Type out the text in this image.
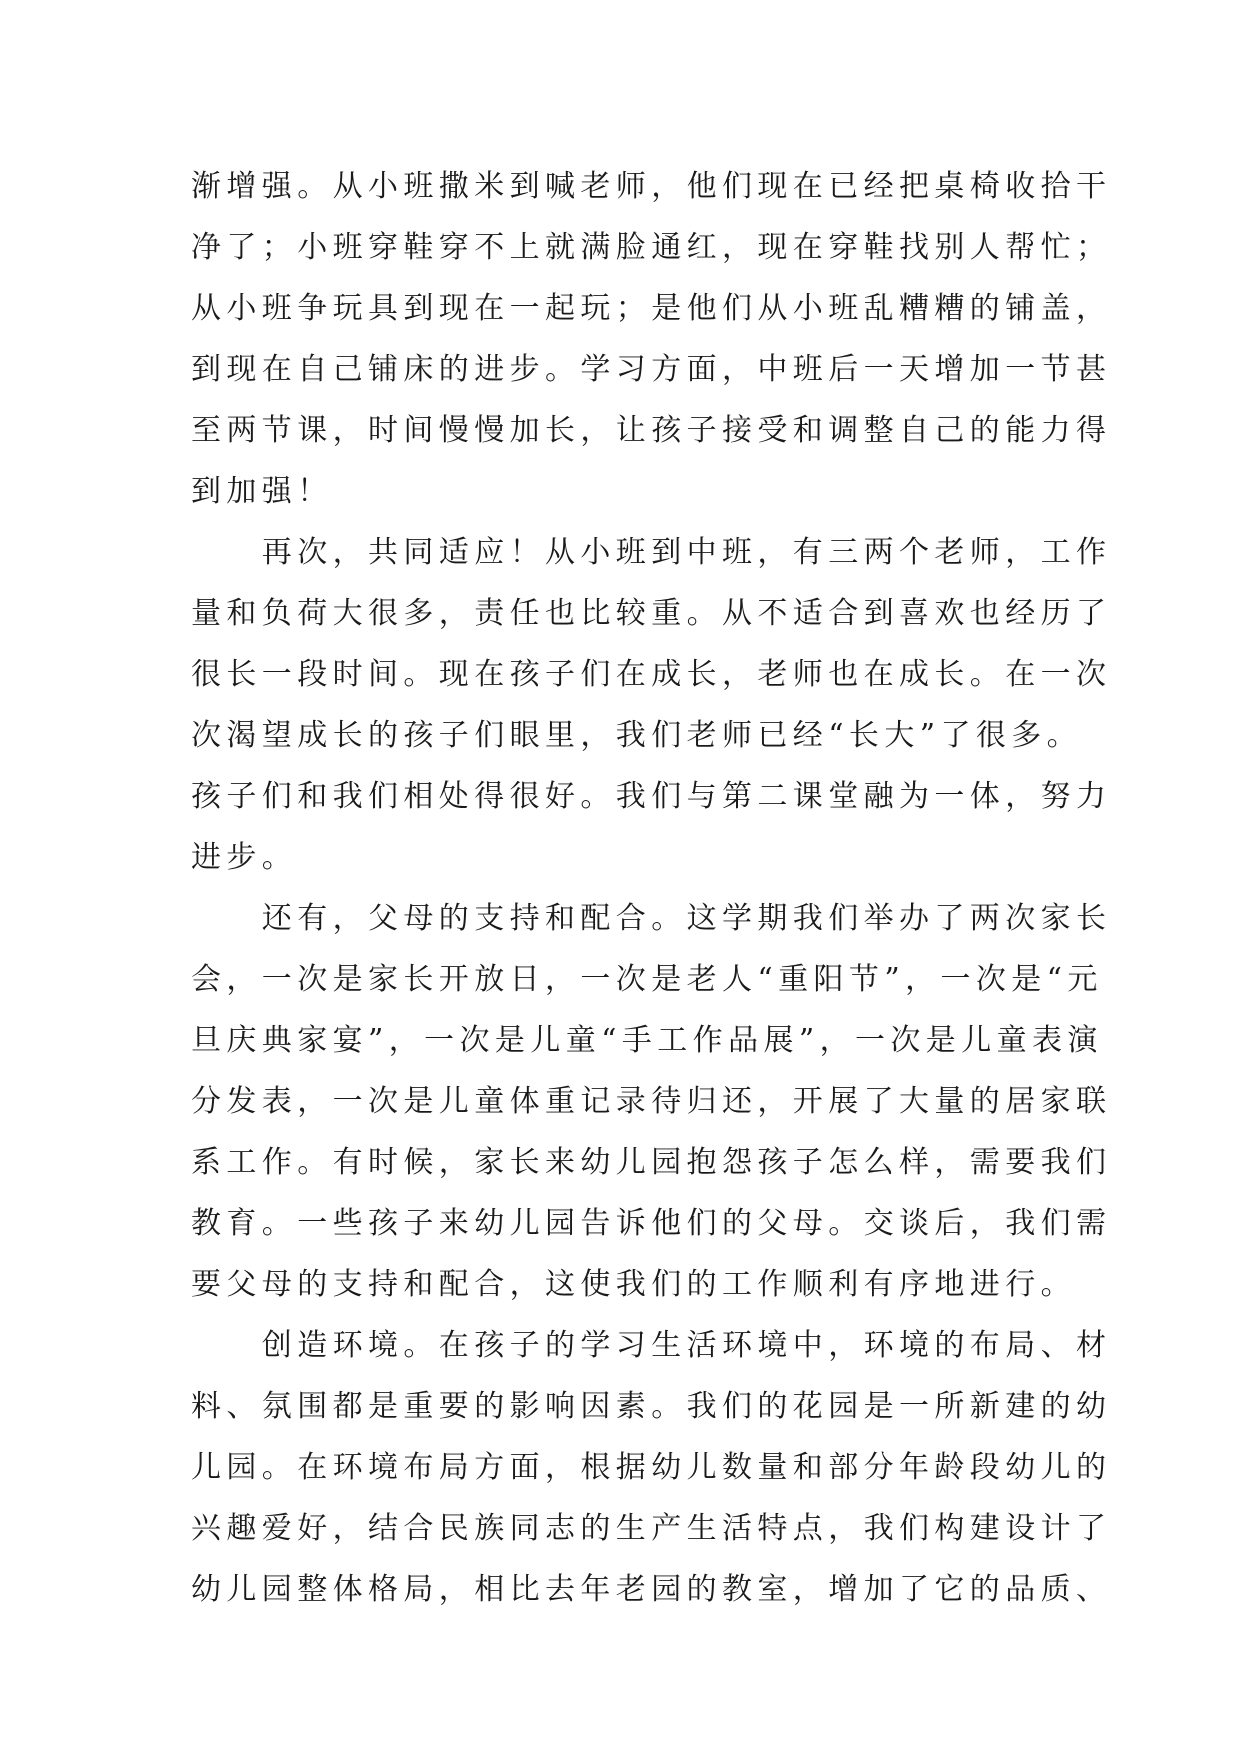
渐增强。从小班撒米到喊老师，他们现在已经把桌椅收拾干
净了；小班穿鞋穿不上就满脸通红，现在穿鞋找别人帮忙；
从小班争玩具到现在一起玩；是他们从小班乱糟糟的铺盖，
到现在自己铺床的进步。学习方面，中班后一天增加一节甚
至两节课，时间慢慢加长，让孩子接受和调整自己的能力得
到加强！
　　再次，共同适应！从小班到中班，有三两个老师，工作
量和负荷大很多，责任也比较重。从不适合到喜欢也经历了
很长一段时间。现在孩子们在成长，老师也在成长。在一次
次渴望成长的孩子们眼里，我们老师已经“长大”了很多。
孩子们和我们相处得很好。我们与第二课堂融为一体，努力
进步。
　　还有，父母的支持和配合。这学期我们举办了两次家长
会，一次是家长开放日，一次是老人“重阳节”，一次是“元
旦庆典家宴”，一次是儿童“手工作品展”，一次是儿童表演
分发表，一次是儿童体重记录待归还，开展了大量的居家联
系工作。有时候，家长来幼儿园抱怨孩子怎么样，需要我们
教育。一些孩子来幼儿园告诉他们的父母。交谈后，我们需
要父母的支持和配合，这使我们的工作顺利有序地进行。
　　创造环境。在孩子的学习生活环境中，环境的布局、材
料、氛围都是重要的影响因素。我们的花园是一所新建的幼
儿园。在环境布局方面，根据幼儿数量和部分年龄段幼儿的
兴趣爱好，结合民族同志的生产生活特点，我们构建设计了
幼儿园整体格局，相比去年老园的教室，增加了它的品质、
